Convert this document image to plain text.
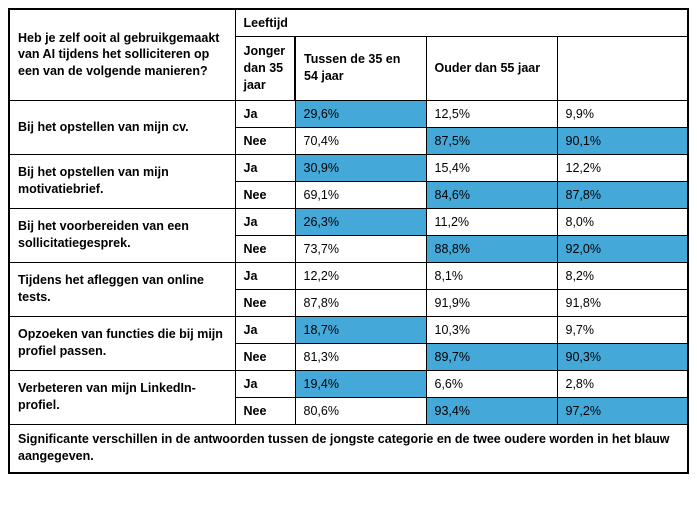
Heb je zelf ooit al gebruikgemaakt van AI tijdens het solliciteren op een van de volgende manieren?	Leeftijd			
	Jonger dan 35 jaar	Tussen de 35 en 54 jaar	Ouder dan 55 jaar	
Bij het opstellen van mijn cv.	Ja	29,6%	12,5%	9,9%
	Nee	70,4%	87,5%	90,1%
Bij het opstellen van mijn motivatiebrief.	Ja	30,9%	15,4%	12,2%
	Nee	69,1%	84,6%	87,8%
Bij het voorbereiden van een sollicitatiegesprek.	Ja	26,3%	11,2%	8,0%
	Nee	73,7%	88,8%	92,0%
Tijdens het afleggen van online tests.	Ja	12,2%	8,1%	8,2%
	Nee	87,8%	91,9%	91,8%
Opzoeken van functies die bij mijn profiel passen.	Ja	18,7%	10,3%	9,7%
	Nee	81,3%	89,7%	90,3%
Verbeteren van mijn LinkedIn-profiel.	Ja	19,4%	6,6%	2,8%
	Nee	80,6%	93,4%	97,2%
Significante verschillen in de antwoorden tussen de jongste categorie en de twee oudere worden in het blauw aangegeven.				
